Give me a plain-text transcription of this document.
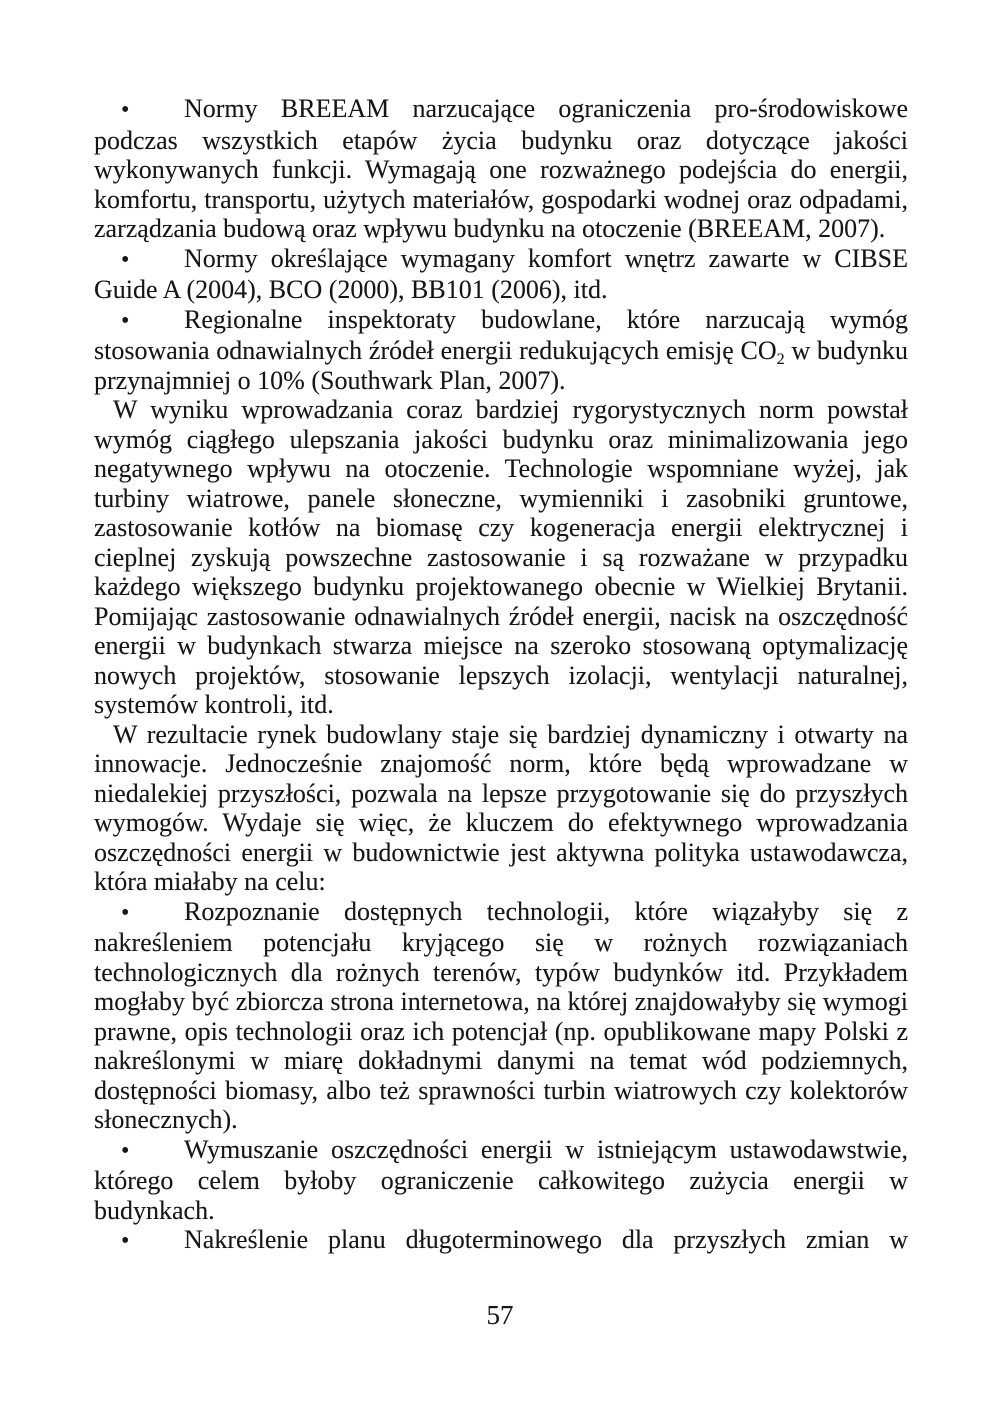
• Normy BREEAM narzucające ograniczenia pro-środowiskowe podczas wszystkich etapów życia budynku oraz dotyczące jakości wykonywanych funkcji. Wymagają one rozważnego podejścia do energii, komfortu, transportu, użytych materiałów, gospodarki wodnej oraz odpadami, zarządzania budową oraz wpływu budynku na otoczenie (BREEAM, 2007).

• Normy określające wymagany komfort wnętrz zawarte w CIBSE Guide A (2004), BCO (2000), BB101 (2006), itd.

• Regionalne inspektoraty budowlane, które narzucają wymóg stosowania odnawialnych źródeł energii redukujących emisję $CO_2$ w budynku przynajmniej o 10% (Southwark Plan, 2007).

W wyniku wprowadzania coraz bardziej rygorystycznych norm powstał wymóg ciągłego ulepszania jakości budynku oraz minimalizowania jego negatywnego wpływu na otoczenie. Technologie wspomniane wyżej, jak turbiny wiatrowe, panele słoneczne, wymienniki i zasobniki gruntowe, zastosowanie kotłów na biomasę czy kogeneracja energii elektrycznej i cieplnej zyskują powszechne zastosowanie i są rozważane w przypadku każdego większego budynku projektowanego obecnie w Wielkiej Brytanii. Pomijając zastosowanie odnawialnych źródeł energii, nacisk na oszczędność energii w budynkach stwarza miejsce na szeroko stosowaną optymalizację nowych projektów, stosowanie lepszych izolacji, wentylacji naturalnej, systemów kontroli, itd.

W rezultacie rynek budowlany staje się bardziej dynamiczny i otwarty na innowacje. Jednocześnie znajomość norm, które będą wprowadzane w niedalekiej przyszłości, pozwala na lepsze przygotowanie się do przyszłych wymogów. Wydaje się więc, że kluczem do efektywnego wprowadzania oszczędności energii w budownictwie jest aktywna polityka ustawodawcza, która miałaby na celu:

• Rozpoznanie dostępnych technologii, które wiązałyby się z nakreśleniem potencjału kryjącego się w rożnych rozwiązaniach technologicznych dla rożnych terenów, typów budynków itd. Przykładem mogłaby być zbiorcza strona internetowa, na której znajdowałyby się wymogi prawne, opis technologii oraz ich potencjał (np. opublikowane mapy Polski z nakreślonymi w miarę dokładnymi danymi na temat wód podziemnych, dostępności biomasy, albo też sprawności turbin wiatrowych czy kolektorów słonecznych).

• Wymuszanie oszczędności energii w istniejącym ustawodawstwie, którego celem byłoby ograniczenie całkowitego zużycia energii w budynkach.

• Nakreślenie planu długoterminowego dla przyszłych zmian w

57
